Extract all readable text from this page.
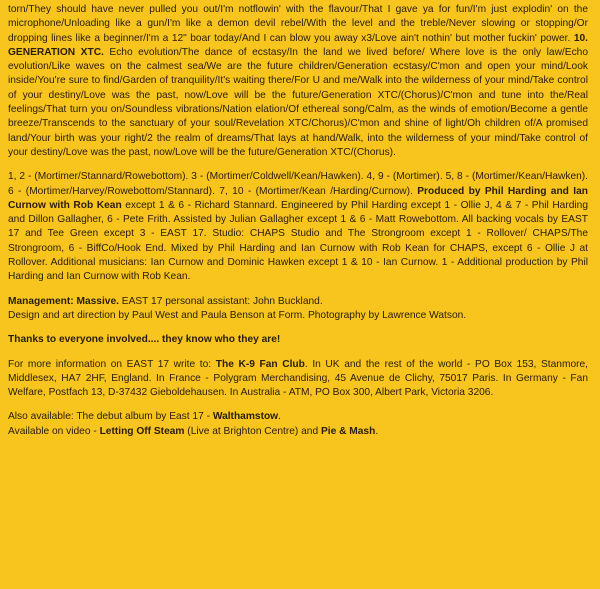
torn/They should have never pulled you out/I'm notflowin' with the flavour/That I gave ya for fun/I'm just explodin' on the microphone/Unloading like a gun/I'm like a demon devil rebel/With the level and the treble/Never slowing or stopping/Or dropping lines like a beginner/I'm a 12" boar today/And I can blow you away x3/Love ain't nothin' but mother fuckin' power. 10. GENERATION XTC. Echo evolution/The dance of ecstasy/In the land we lived before/ Where love is the only law/Echo evolution/Like waves on the calmest sea/We are the future children/Generation ecstasy/C'mon and open your mind/Look inside/You're sure to find/Garden of tranquility/It's waiting there/For U and me/Walk into the wilderness of your mind/Take control of your destiny/Love was the past, now/Love will be the future/Generation XTC/(Chorus)/C'mon and tune into the/Real feelings/That turn you on/Soundless vibrations/Nation elation/Of ethereal song/Calm, as the winds of emotion/Become a gentle breeze/Transcends to the sanctuary of your soul/Revelation XTC/Chorus)/C'mon and shine of light/Oh children of/A promised land/Your birth was your right/2 the realm of dreams/That lays at hand/Walk, into the wilderness of your mind/Take control of your destiny/Love was the past, now/Love will be the future/Generation XTC/(Chorus).

1, 2 - (Mortimer/Stannard/Rowebottom). 3 - (Mortimer/Coldwell/Kean/Hawken). 4, 9 - (Mortimer). 5, 8 - (Mortimer/Kean/Hawken). 6 - (Mortimer/Harvey/Rowebottom/Stannard). 7, 10 - (Mortimer/Kean /Harding/Curnow). Produced by Phil Harding and Ian Curnow with Rob Kean except 1 & 6 - Richard Stannard. Engineered by Phil Harding except 1 - Ollie J, 4 & 7 - Phil Harding and Dillon Gallagher, 6 - Pete Frith. Assisted by Julian Gallagher except 1 & 6 - Matt Rowebottom. All backing vocals by EAST 17 and Tee Green except 3 - EAST 17. Studio: CHAPS Studio and The Strongroom except 1 - Rollover/ CHAPS/The Strongroom, 6 - BiffCo/Hook End. Mixed by Phil Harding and Ian Curnow with Rob Kean for CHAPS, except 6 - Ollie J at Rollover. Additional musicians: Ian Curnow and Dominic Hawken except 1 & 10 - Ian Curnow. 1 - Additional production by Phil Harding and Ian Curnow with Rob Kean.

Management: Massive. EAST 17 personal assistant: John Buckland.

Design and art direction by Paul West and Paula Benson at Form. Photography by Lawrence Watson.

Thanks to everyone involved.... they know who they are!

For more information on EAST 17 write to: The K-9 Fan Club. In UK and the rest of the world - PO Box 153, Stanmore, Middlesex, HA7 2HF, England. In France - Polygram Merchandising, 45 Avenue de Clichy, 75017 Paris. In Germany - Fan Welfare, Postfach 13, D-37432 Gieboldehausen. In Australia - ATM, PO Box 300, Albert Park, Victoria 3206.

Also available: The debut album by East 17 - Walthamstow.

Available on video - Letting Off Steam (Live at Brighton Centre) and Pie & Mash.
